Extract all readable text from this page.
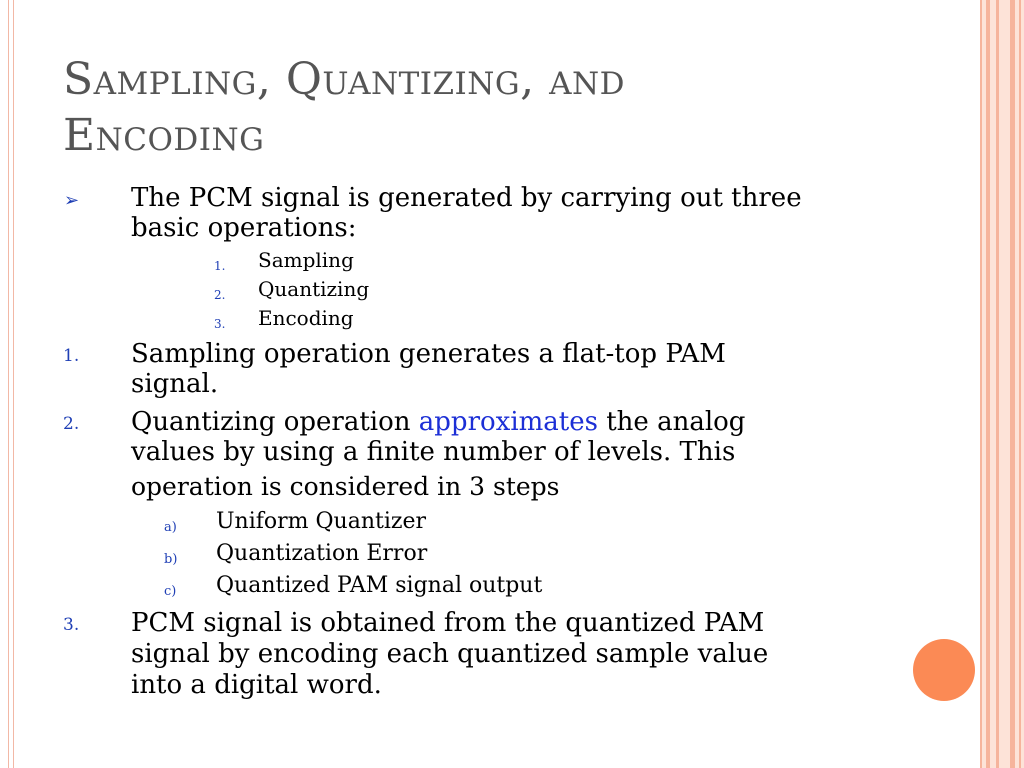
Sampling, Quantizing, and Encoding
➢ The PCM signal is generated by carrying out three
basic operations:
1. Sampling
2. Quantizing
3. Encoding
1. Sampling operation generates a flat-top PAM
signal.
2. Quantizing operation approximates the analog
values by using a finite number of levels. This
operation is considered in 3 steps
a) Uniform Quantizer
b) Quantization Error
c) Quantized PAM signal output
3. PCM signal is obtained from the quantized PAM
signal by encoding each quantized sample value
into a digital word.
